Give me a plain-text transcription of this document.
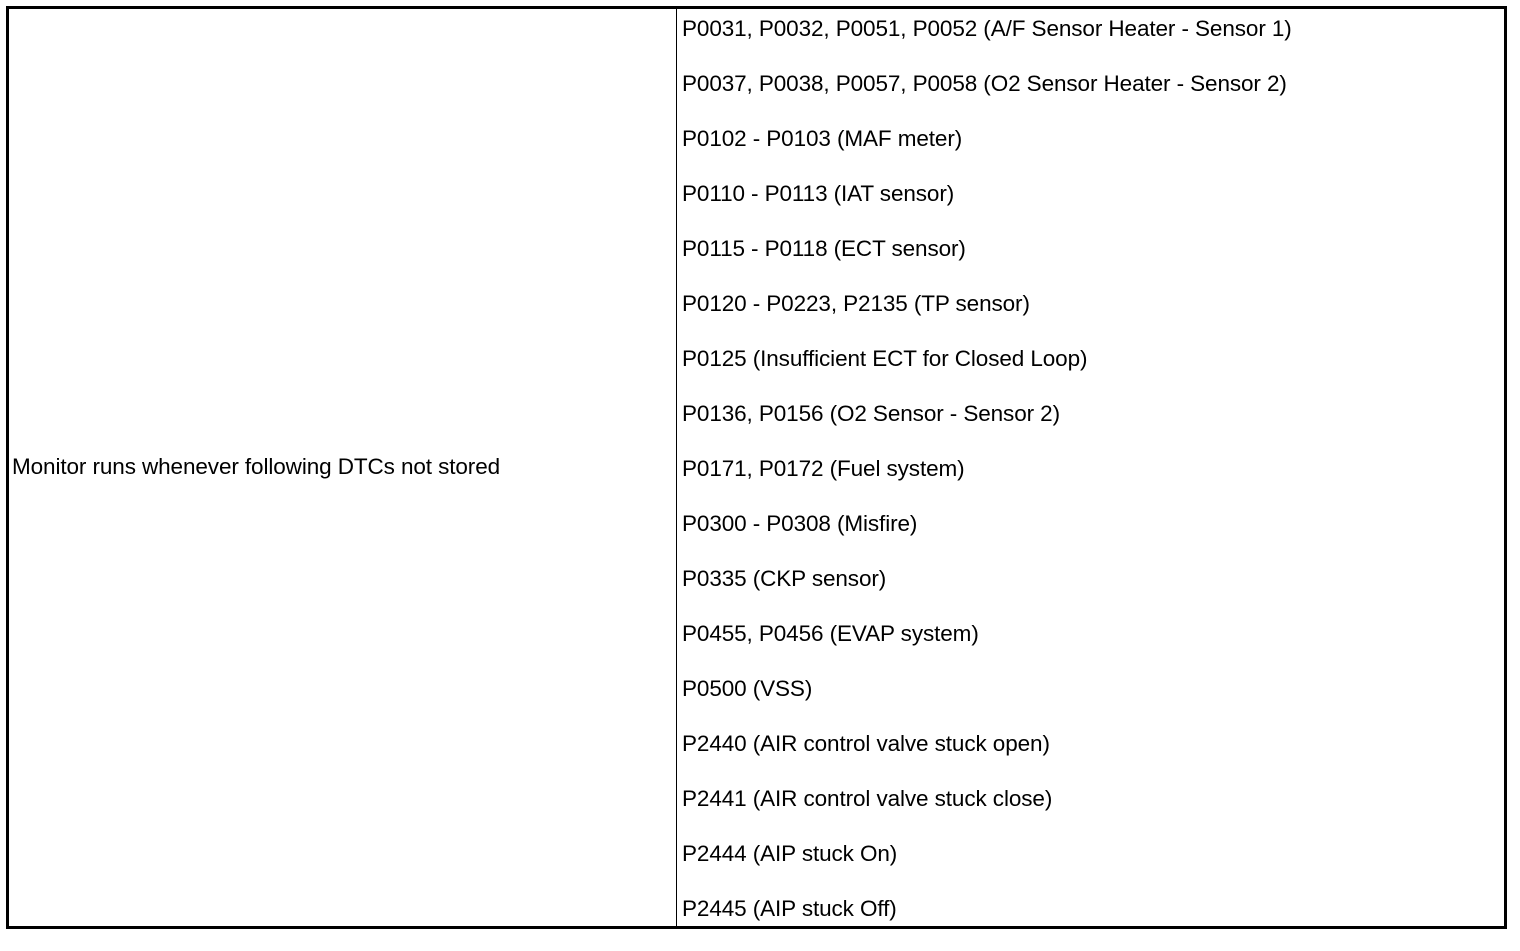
Monitor runs whenever following DTCs not stored
P0031, P0032, P0051, P0052 (A/F Sensor Heater - Sensor 1)
P0037, P0038, P0057, P0058 (O2 Sensor Heater - Sensor 2)
P0102 - P0103 (MAF meter)
P0110 - P0113 (IAT sensor)
P0115 - P0118 (ECT sensor)
P0120 - P0223, P2135 (TP sensor)
P0125 (Insufficient ECT for Closed Loop)
P0136, P0156 (O2 Sensor - Sensor 2)
P0171, P0172 (Fuel system)
P0300 - P0308 (Misfire)
P0335 (CKP sensor)
P0455, P0456 (EVAP system)
P0500 (VSS)
P2440 (AIR control valve stuck open)
P2441 (AIR control valve stuck close)
P2444 (AIP stuck On)
P2445 (AIP stuck Off)
